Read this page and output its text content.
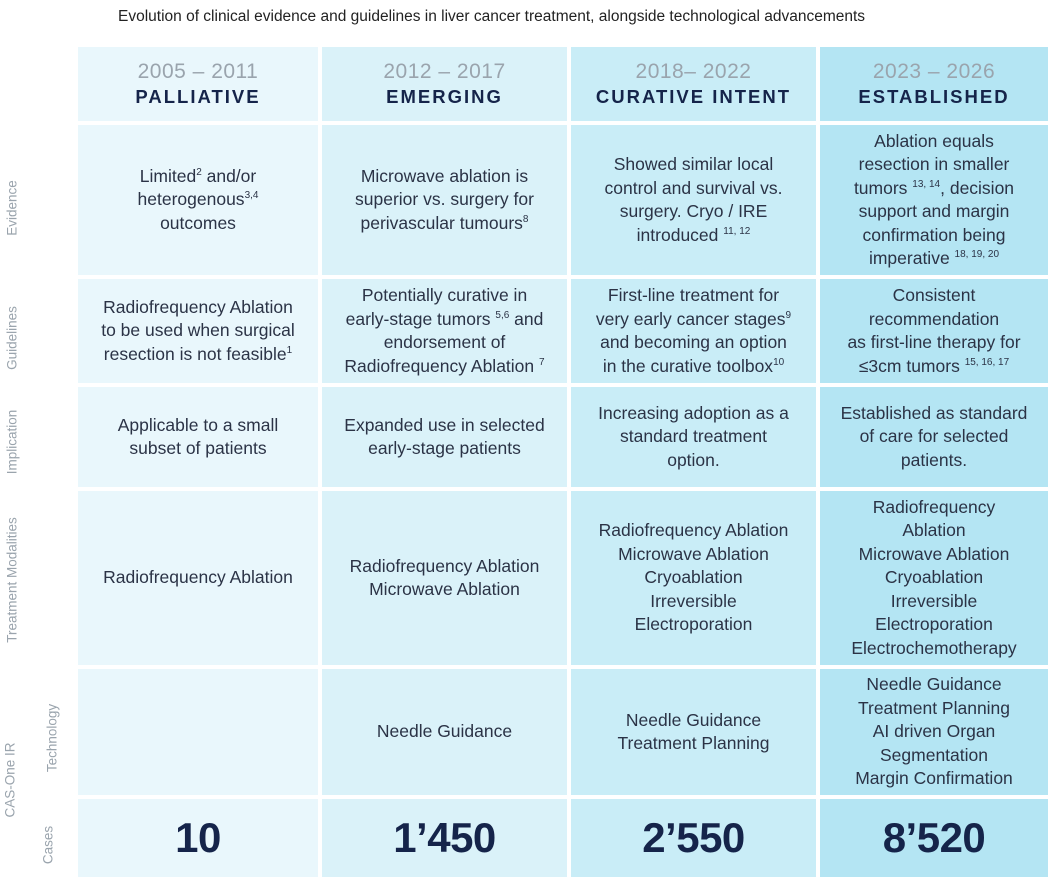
Evolution of clinical evidence and guidelines in liver cancer treatment, alongside technological advancements
Evidence
Guidelines
Implication
Treatment Modalities
CAS-One IR
Technology
Cases
2005 – 2011
PALLIATIVE
Limited$^2$ and/or
heterogenous$^{3,4}$
outcomes
Radiofrequency Ablation
to be used when surgical
resection is not feasible$^1$
Applicable to a small
subset of patients
Radiofrequency Ablation
10
2012 – 2017
EMERGING
Microwave ablation is
superior vs. surgery for
perivascular tumours$^8$
Potentially curative in
early-stage tumors $^{5,6}$ and
endorsement of
Radiofrequency Ablation $^7$
Expanded use in selected
early-stage patients
Radiofrequency Ablation
Microwave Ablation
Needle Guidance
1’450
2018– 2022
CURATIVE INTENT
Showed similar local
control and survival vs.
surgery. Cryo / IRE
introduced $^{11, 12}$
First-line treatment for
very early cancer stages$^9$
and becoming an option
in the curative toolbox$^{10}$
Increasing adoption as a
standard treatment
option.
Radiofrequency Ablation
Microwave Ablation
Cryoablation
Irreversible
Electroporation
Needle Guidance
Treatment Planning
2’550
2023 – 2026
ESTABLISHED
Ablation equals
resection in smaller
tumors $^{13, 14}$, decision
support and margin
confirmation being
imperative $^{18, 19, 20}$
Consistent
recommendation
as first-line therapy for
≤3cm tumors $^{15, 16, 17}$
Established as standard
of care for selected
patients.
Radiofrequency
Ablation
Microwave Ablation
Cryoablation
Irreversible
Electroporation
Electrochemotherapy
Needle Guidance
Treatment Planning
AI driven Organ
Segmentation
Margin Confirmation
8’520
